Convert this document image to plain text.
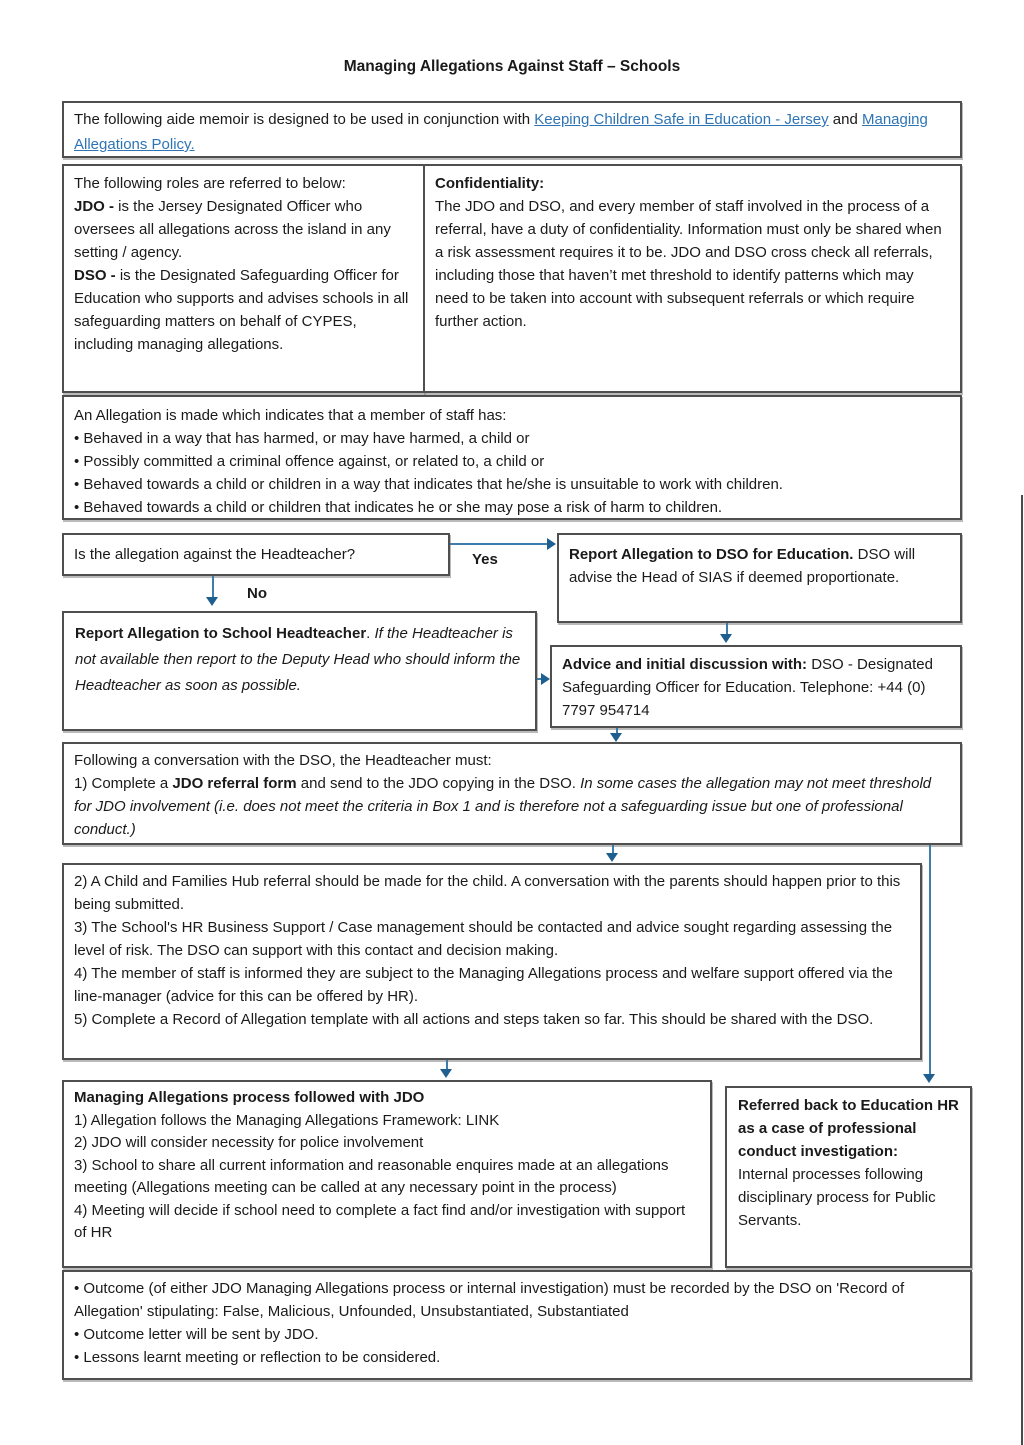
Managing Allegations Against Staff – Schools
The following aide memoir is designed to be used in conjunction with Keeping Children Safe in Education - Jersey and Managing Allegations Policy.
The following roles are referred to below:
JDO - is the Jersey Designated Officer who oversees all allegations across the island in any setting / agency.
DSO - is the Designated Safeguarding Officer for Education who supports and advises schools in all safeguarding matters on behalf of CYPES, including managing allegations.
Confidentiality:
The JDO and DSO, and every member of staff involved in the process of a referral, have a duty of confidentiality. Information must only be shared when a risk assessment requires it to be. JDO and DSO cross check all referrals, including those that haven’t met threshold to identify patterns which may need to be taken into account with subsequent referrals or which require further action.
An Allegation is made which indicates that a member of staff has:
• Behaved in a way that has harmed, or may have harmed, a child or
• Possibly committed a criminal offence against, or related to, a child or
• Behaved towards a child or children in a way that indicates that he/she is unsuitable to work with children.
• Behaved towards a child or children that indicates he or she may pose a risk of harm to children.
Is the allegation against the Headteacher?	Yes
No
Report Allegation to DSO for Education. DSO will advise the Head of SIAS if deemed proportionate.
Report Allegation to School Headteacher. If the Headteacher is not available then report to the Deputy Head who should inform the Headteacher as soon as possible.
Advice and initial discussion with: DSO - Designated Safeguarding Officer for Education. Telephone: +44 (0) 7797 954714
Following a conversation with the DSO, the Headteacher must:
1) Complete a JDO referral form and send to the JDO copying in the DSO. In some cases the allegation may not meet threshold for JDO involvement (i.e. does not meet the criteria in Box 1 and is therefore not a safeguarding issue but one of professional conduct.)
2) A Child and Families Hub referral should be made for the child. A conversation with the parents should happen prior to this being submitted.
3) The School's HR Business Support / Case management should be contacted and advice sought regarding assessing the level of risk. The DSO can support with this contact and decision making.
4) The member of staff is informed they are subject to the Managing Allegations process and welfare support offered via the line-manager (advice for this can be offered by HR).
5) Complete a Record of Allegation template with all actions and steps taken so far. This should be shared with the DSO.
Managing Allegations process followed with JDO
1) Allegation follows the Managing Allegations Framework: LINK
2) JDO will consider necessity for police involvement
3) School to share all current information and reasonable enquires made at an allegations meeting (Allegations meeting can be called at any necessary point in the process)
4) Meeting will decide if school need to complete a fact find and/or investigation with support of HR
Referred back to Education HR as a case of professional conduct investigation:
Internal processes following disciplinary process for Public Servants.
• Outcome (of either JDO Managing Allegations process or internal investigation) must be recorded by the DSO on 'Record of Allegation' stipulating: False, Malicious, Unfounded, Unsubstantiated, Substantiated
• Outcome letter will be sent by JDO.
• Lessons learnt meeting or reflection to be considered.
